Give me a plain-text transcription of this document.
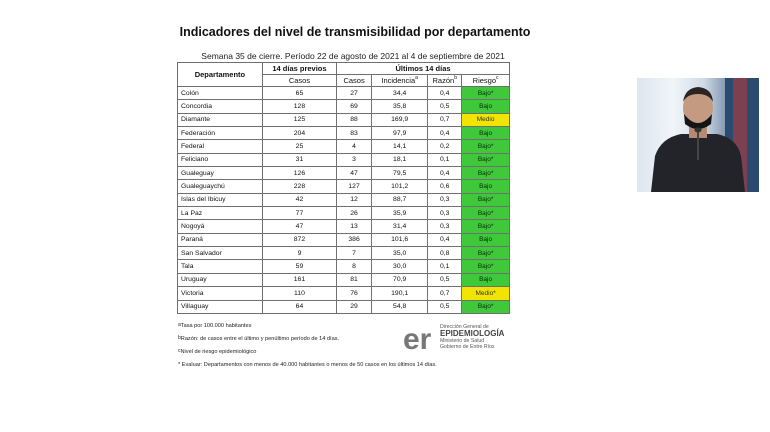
Indicadores del nivel de transmisibilidad por departamento
Semana 35 de cierre. Período 22 de agosto de 2021 al 4 de septiembre de 2021
Departamento	14 días previos	Últimos 14 días			
	Casos	Casos	Incidencia$^a$	Razón$^b$	Riesgo$^c$
Colón	65	27	34,4	0,4	Bajo*
Concordia	128	69	35,8	0,5	Bajo
Diamante	125	88	169,9	0,7	Medio
Federación	204	83	97,9	0,4	Bajo
Federal	25	4	14,1	0,2	Bajo*
Feliciano	31	3	18,1	0,1	Bajo*
Gualeguay	126	47	79,5	0,4	Bajo*
Gualeguaychú	228	127	101,2	0,6	Bajo
Islas del Ibicuy	42	12	88,7	0,3	Bajo*
La Paz	77	26	35,9	0,3	Bajo*
Nogoyá	47	13	31,4	0,3	Bajo*
Paraná	872	386	101,6	0,4	Bajo
San Salvador	9	7	35,0	0,8	Bajo*
Tala	59	8	30,0	0,1	Bajo*
Uruguay	161	81	70,9	0,5	Bajo
Victoria	110	76	190,1	0,7	Medio*
Villaguay	64	29	54,8	0,5	Bajo*
$^a$Tasa por 100.000 habitantes
$^b$Razón: de casos entre el último y penúltimo período de 14 días.
$^c$Nivel de riesgo epidemiológico
* Evaluar: Departamentos con menos de 40.000 habitantes o menos de 50 casos en los últimos 14 días.
er Dirección General de
EPIDEMIOLOGÍA
Ministerio de Salud
Gobierno de Entre Ríos
